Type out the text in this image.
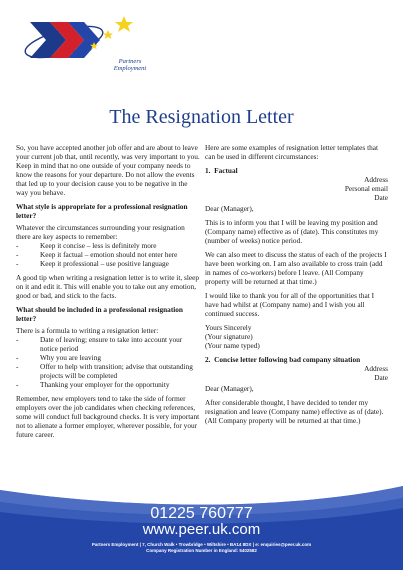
Partners
Employment
The Resignation Letter

So, you have accepted another job offer and are about to leave your current job that, until recently, was very important to you. Keep in mind that no one outside of your company needs to know the reasons for your departure. Do not allow the events that led up to your decision cause you to be negative in the way you behave.

What style is appropriate for a professional resignation letter?

Whatever the circumstances surrounding your resignation there are key aspects to remember:

- Keep it concise – less is definitely more
- Keep it factual – emotion should not enter here
- Keep it professional – use positive language

A good tip when writing a resignation letter is to write it, sleep on it and edit it. This will enable you to take out any emotion, good or bad, and stick to the facts.

What should be included in a professional resignation letter?

There is a formula to writing a resignation letter:

- Date of leaving; ensure to take into account your notice period
- Why you are leaving
- Offer to help with transition; advise that outstanding projects will be completed
- Thanking your employer for the opportunity

Remember, new employers tend to take the side of former employers over the job candidates when checking references, some will conduct full background checks. It is very important not to alienate a former employer, wherever possible, for your future career.

Here are some examples of resignation letter templates that can be used in different circumstances:

1. Factual

Address
Personal email
Date

Dear (Manager),

This is to inform you that I will be leaving my position and (Company name) effective as of (date). This constitutes my (number of weeks) notice period.

We can also meet to discuss the status of each of the projects I have been working on. I am also available to cross train (add in names of co-workers) before I leave. (All Company property will be returned at that time.)

I would like to thank you for all of the opportunities that I have had whilst at (Company name) and I wish you all continued success.

Yours Sincerely
(Your signature)
(Your name typed)

2. Concise letter following bad company situation

Address
Date

Dear (Manager),

After considerable thought, I have decided to tender my resignation and leave (Company name) effective as of (date). (All Company property will be returned at that time.)

01225 760777
www.peer.uk.com
Partners Employment | 7, Church Walk • Trowbridge • Wiltshire • BA14 8DX | e: enquiries@peer.uk.com
Company Registration Number in England: 5402582
